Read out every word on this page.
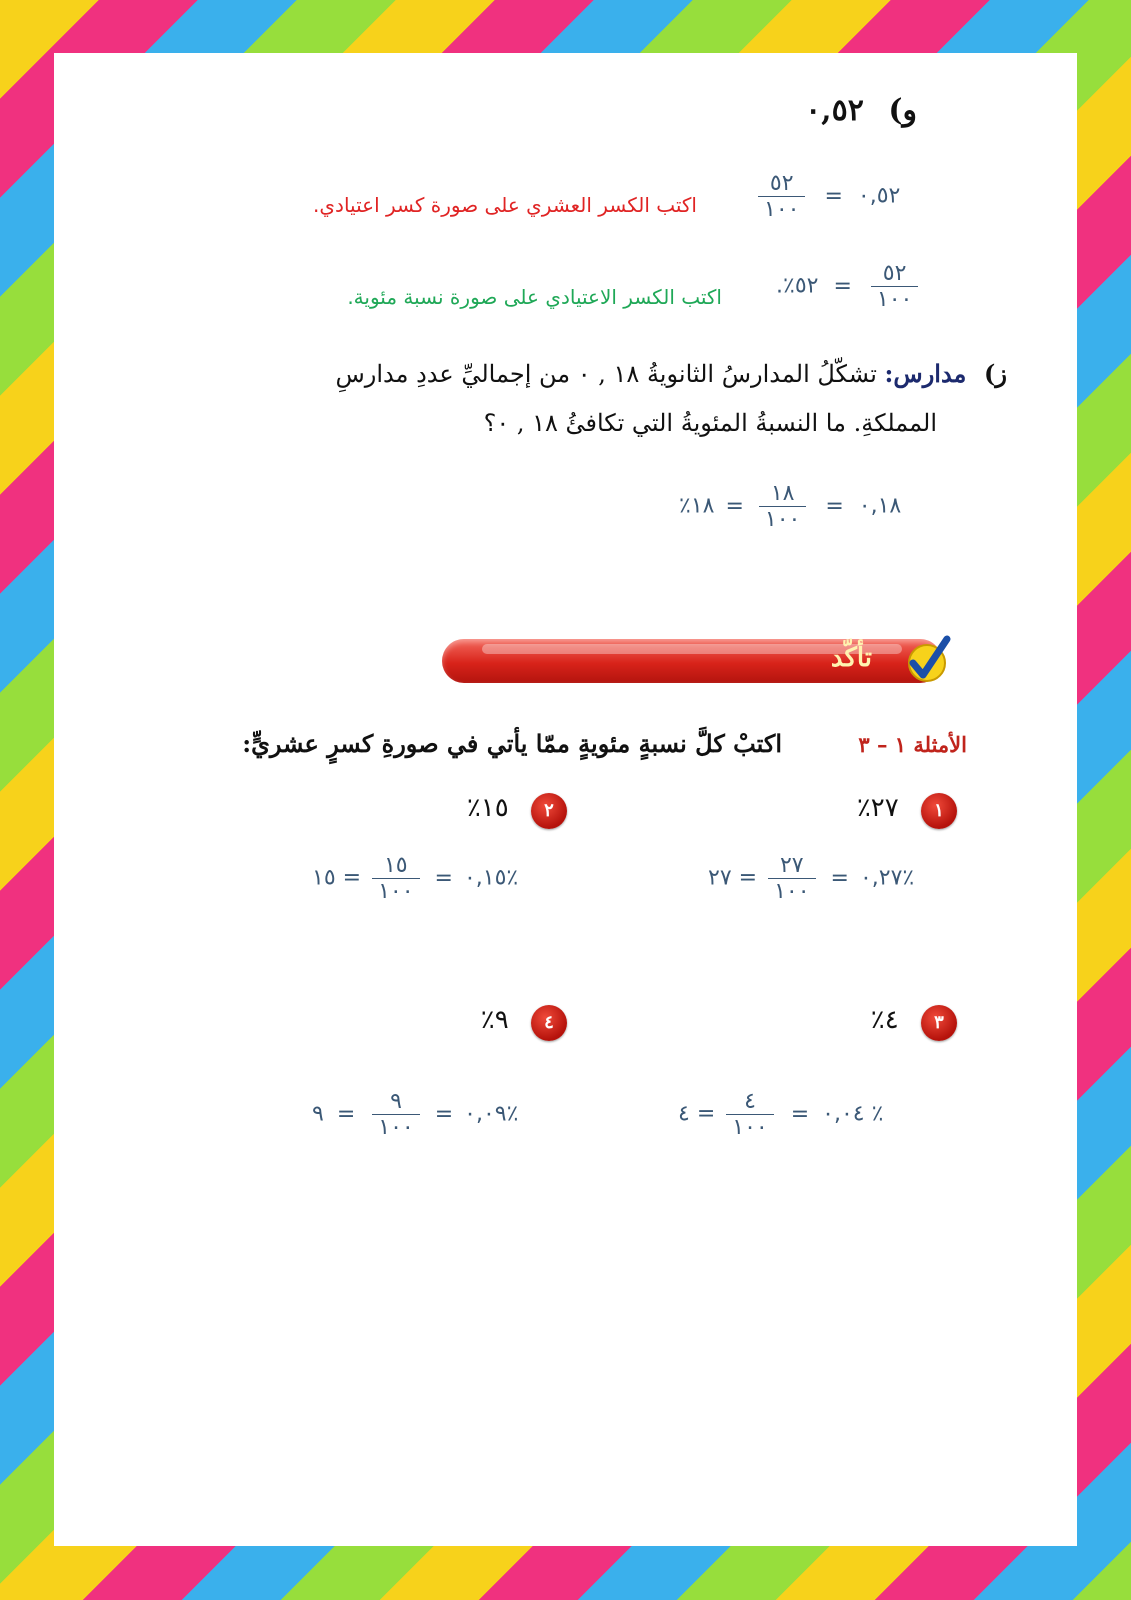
و) ٠,٥٢
٠,٥٢ =
$\frac{٥٢}{١٠٠}$
اكتب الكسر العشري على صورة كسر اعتيادي.
$\frac{٥٢}{١٠٠}$
= ٥٢٪.
اكتب الكسر الاعتيادي على صورة نسبة مئوية.
ز) مدارس: تشكّلُ المدارسُ الثانويةُ ١٨ , ٠ من إجماليِّ عددِ مدارسِ
المملكةِ. ما النسبةُ المئويةُ التي تكافئُ ١٨ , ٠؟
٠,١٨ =
$\frac{١٨}{١٠٠}$
= ١٨٪
تأكّد
الأمثلة ١ – ٣
اكتبْ كلَّ نسبةٍ مئويةٍ ممّا يأتي في صورةِ كسرٍ عشريٍّ:
١ ٢٧٪
٠,٢٧ =
$\frac{٢٧}{١٠٠}$
= ٢٧٪
٢ ١٥٪
٠,١٥ =
$\frac{١٥}{١٠٠}$
= ١٥٪
٣ ٤٪
٠,٠٤ =
$\frac{٤}{١٠٠}$
= ٤ ٪
٤ ٩٪
٠,٠٩ =
$\frac{٩}{١٠٠}$
= ٩٪
